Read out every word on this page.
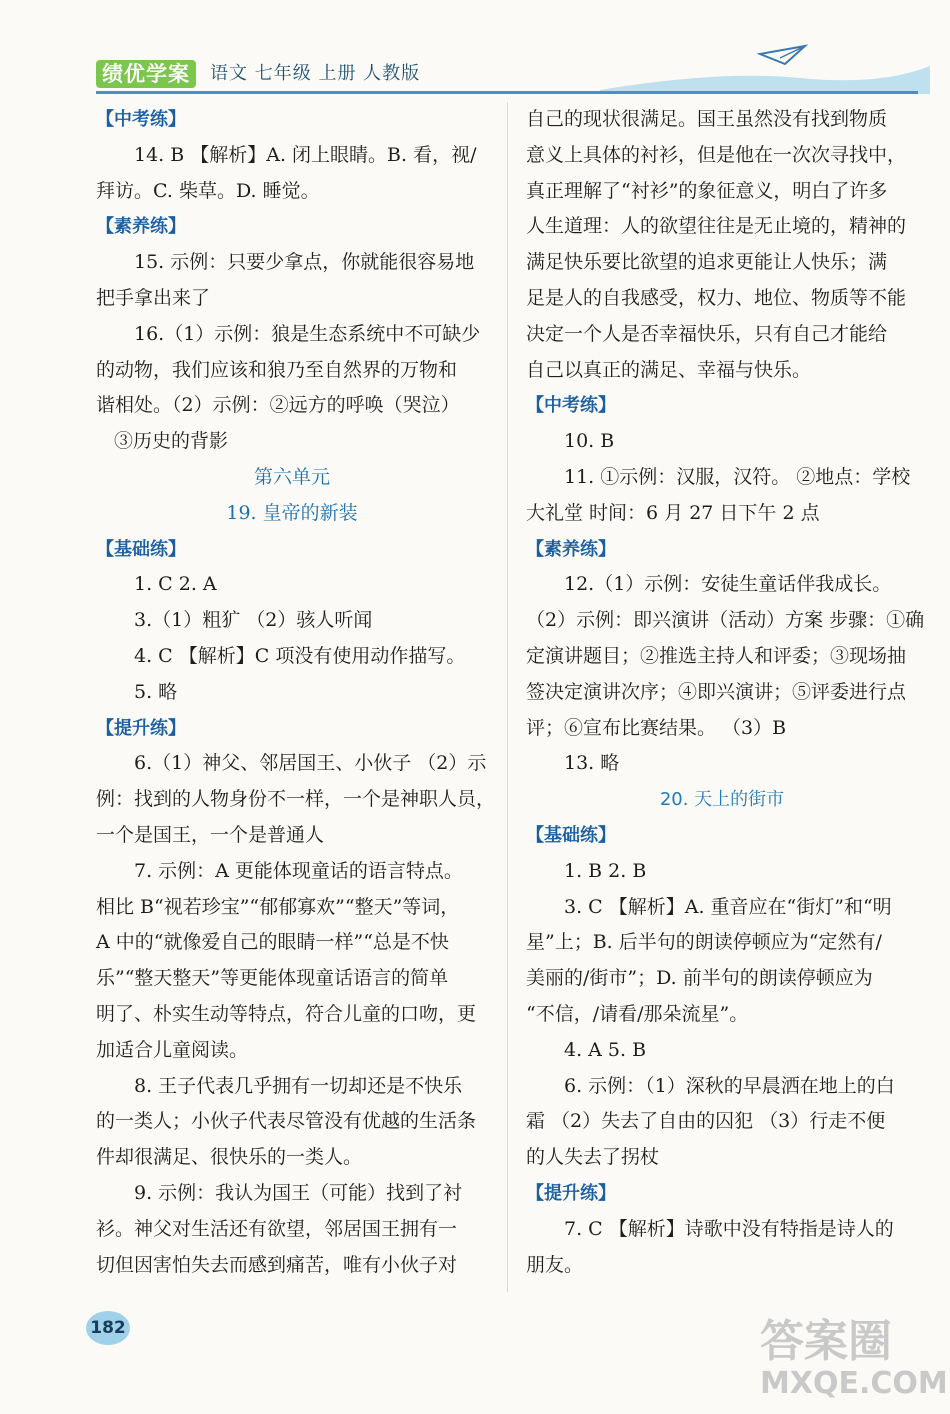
绩优学案	语文 七年级 上册 人教版
【中考练】
14. B 【解析】A. 闭上眼睛。B. 看，视/
拜访。C. 柴草。D. 睡觉。
【素养练】
15. 示例：只要少拿点，你就能很容易地
把手拿出来了
16.（1）示例：狼是生态系统中不可缺少
的动物，我们应该和狼乃至自然界的万物和
谐相处。（2）示例：②远方的呼唤（哭泣）
③历史的背影
第六单元
19. 皇帝的新装
【基础练】
1. C 2. A
3.（1）粗犷 （2）骇人听闻
4. C 【解析】C 项没有使用动作描写。
5. 略
【提升练】
6.（1）神父、邻居国王、小伙子 （2）示
例：找到的人物身份不一样，一个是神职人员，
一个是国王，一个是普通人
7. 示例：A 更能体现童话的语言特点。
相比 B“视若珍宝”“郁郁寡欢”“整天”等词，
A 中的“就像爱自己的眼睛一样”“总是不快
乐”“整天整天”等更能体现童话语言的简单
明了、朴实生动等特点，符合儿童的口吻，更
加适合儿童阅读。
8. 王子代表几乎拥有一切却还是不快乐
的一类人；小伙子代表尽管没有优越的生活条
件却很满足、很快乐的一类人。
9. 示例：我认为国王（可能）找到了衬
衫。神父对生活还有欲望，邻居国王拥有一
切但因害怕失去而感到痛苦，唯有小伙子对
自己的现状很满足。国王虽然没有找到物质
意义上具体的衬衫，但是他在一次次寻找中，
真正理解了“衬衫”的象征意义，明白了许多
人生道理：人的欲望往往是无止境的，精神的
满足快乐要比欲望的追求更能让人快乐；满
足是人的自我感受，权力、地位、物质等不能
决定一个人是否幸福快乐，只有自己才能给
自己以真正的满足、幸福与快乐。
【中考练】
10. B
11. ①示例：汉服，汉符。 ②地点：学校
大礼堂 时间：6 月 27 日下午 2 点
【素养练】
12.（1）示例：安徒生童话伴我成长。
（2）示例：即兴演讲（活动）方案 步骤：①确
定演讲题目；②推选主持人和评委；③现场抽
签决定演讲次序；④即兴演讲；⑤评委进行点
评；⑥宣布比赛结果。 （3）B
13. 略
20. 天上的街市
【基础练】
1. B 2. B
3. C 【解析】A. 重音应在“街灯”和“明
星”上；B. 后半句的朗读停顿应为“定然有/
美丽的/街市”；D. 前半句的朗读停顿应为
“不信，/请看/那朵流星”。
4. A 5. B
6. 示例：（1）深秋的早晨洒在地上的白
霜 （2）失去了自由的囚犯 （3）行走不便
的人失去了拐杖
【提升练】
7. C 【解析】诗歌中没有特指是诗人的
朋友。
182	答案圈
MXQE.COM
